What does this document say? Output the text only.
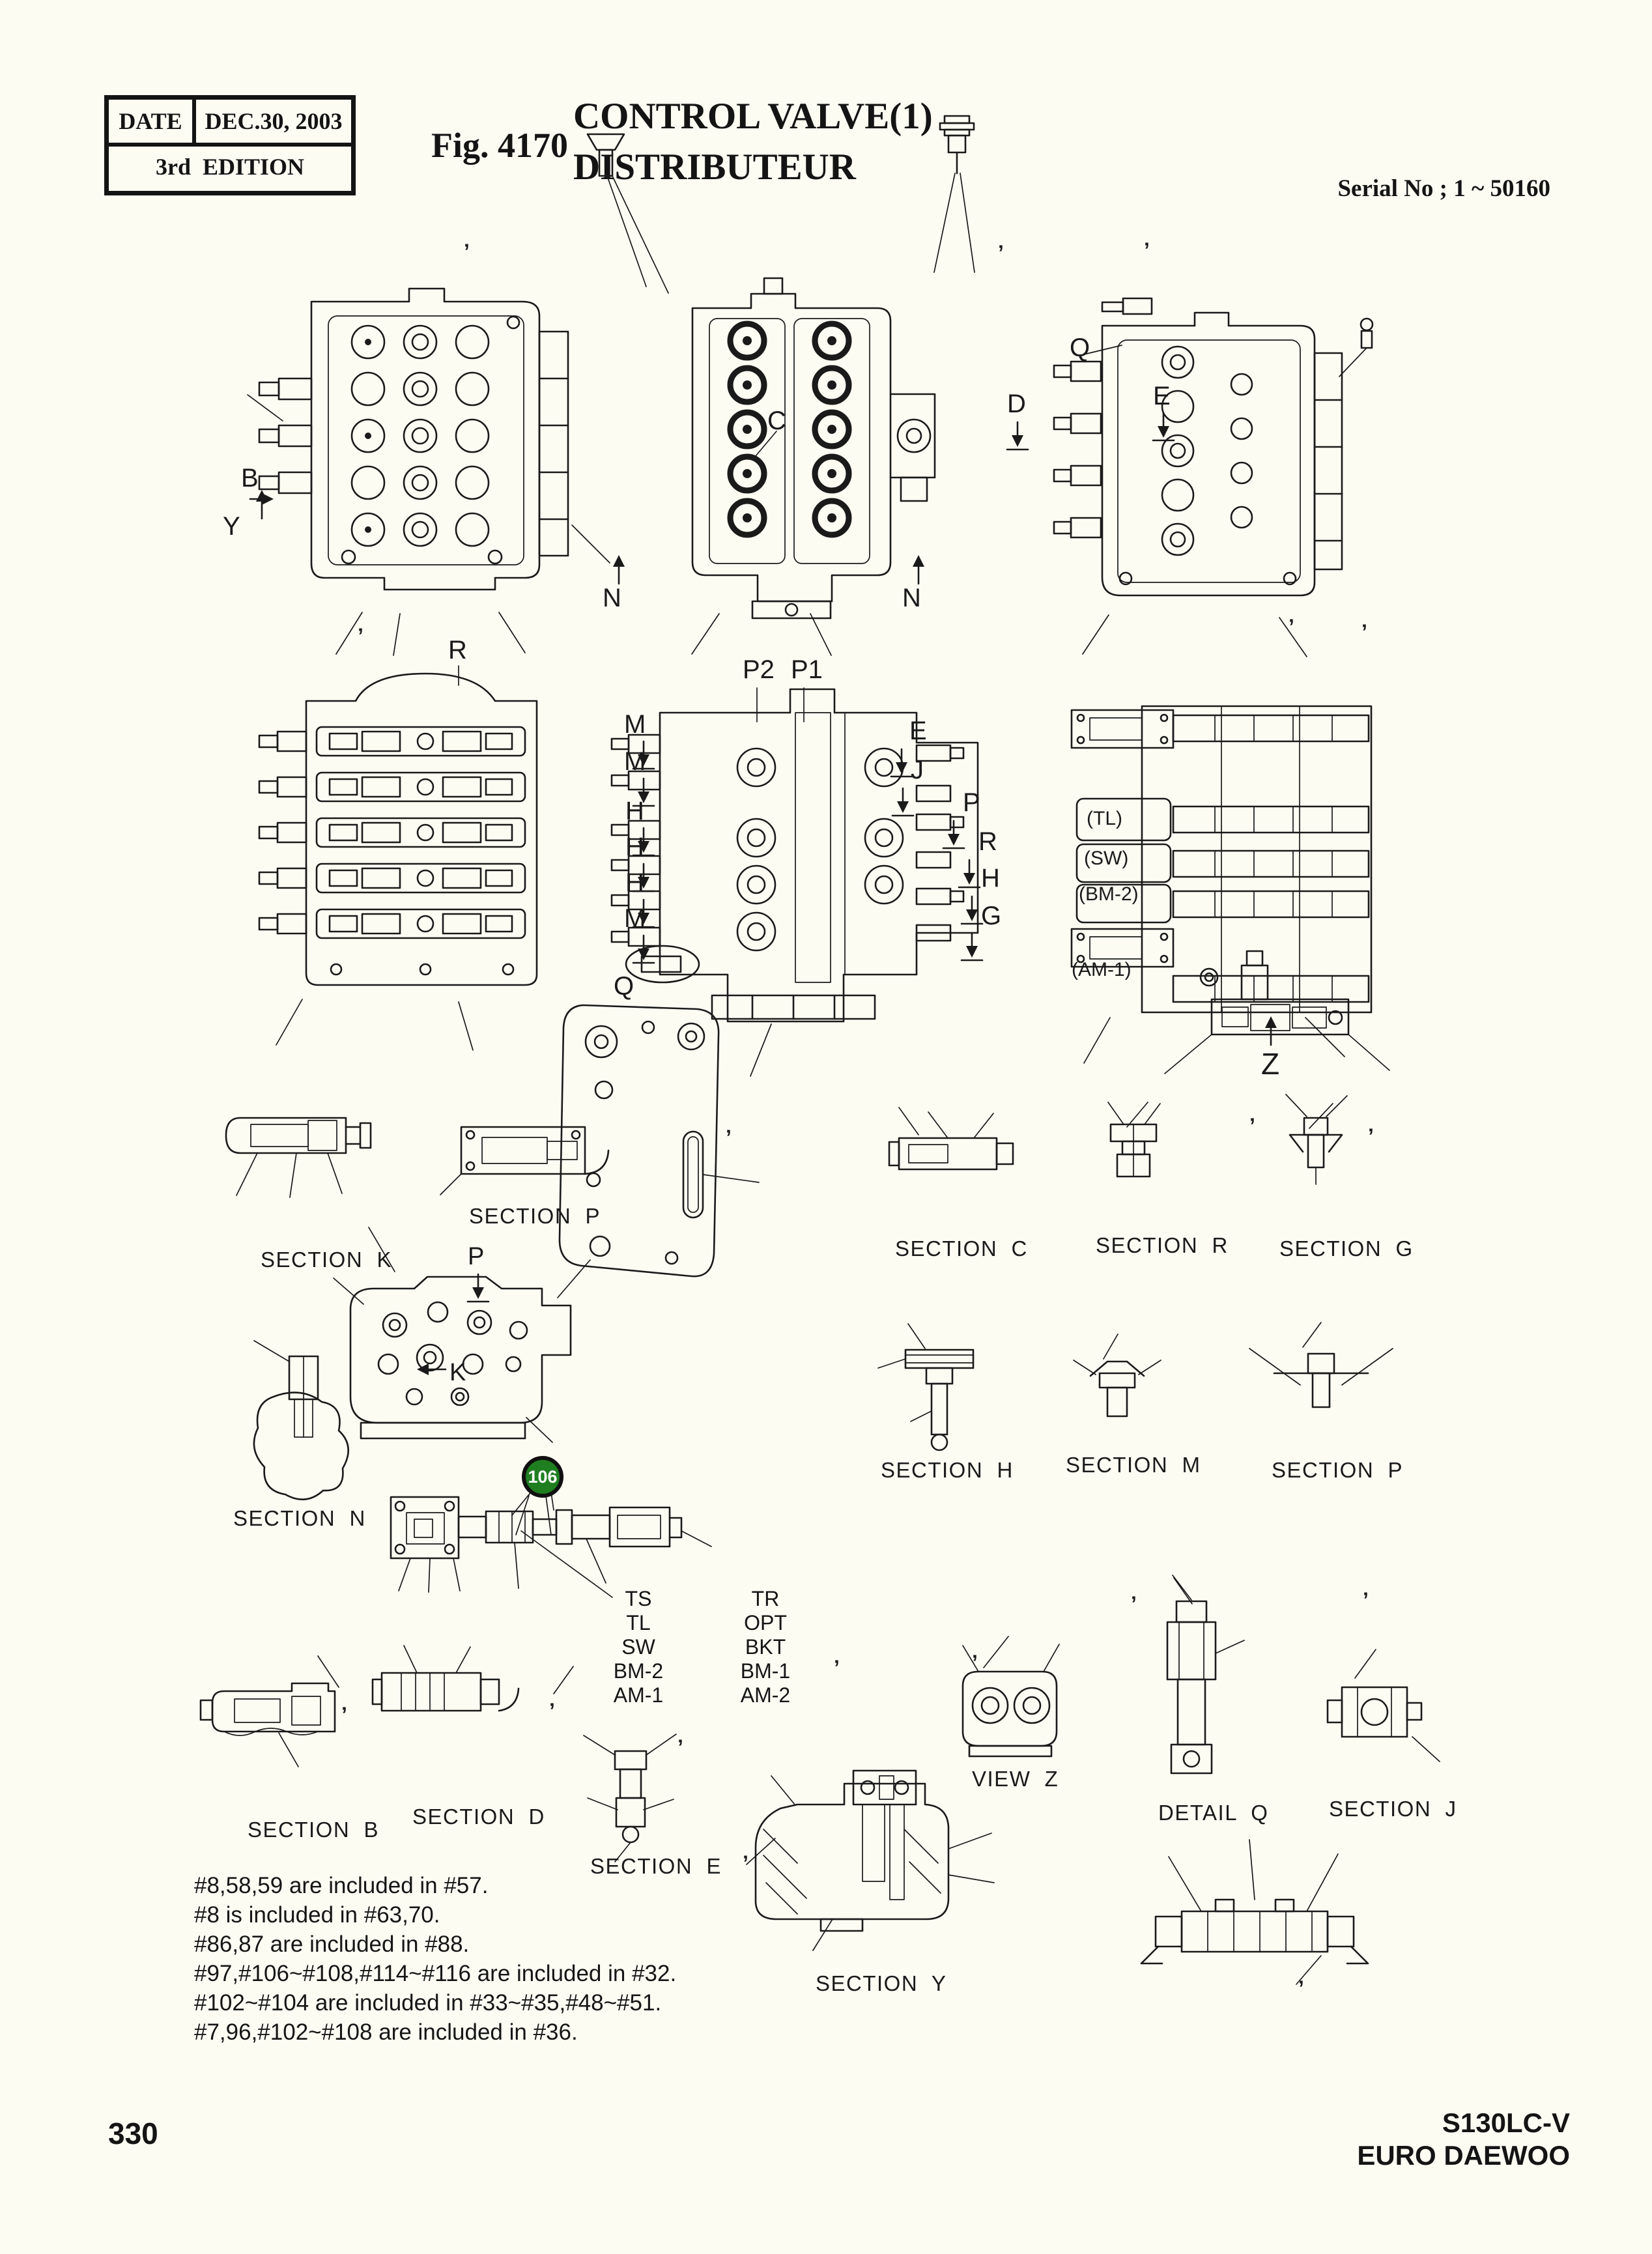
DATE DEC.30, 2003
3rd  EDITION
Fig. 4170
CONTROL VALVE(1)
DISTRIBUTEUR
Serial No ; 1 ~ 50160
B
Y
N
C
N
Q
D	E
R
P2 P1
M
M
H
H
H
M
E
J
P
R
H
G
Q
(TL)
(SW)
(BM-2)
(AM-1)
Z
P
K
SECTION  K
SECTION  P
SECTION  C	SECTION  R SECTION  G
SECTION  N
SECTION  H SECTION  M	SECTION  P
SECTION  B
SECTION  D
SECTION  E
VIEW  Z
DETAIL  Q	SECTION  J
SECTION  Y
106
TS
TL
SW
BM-2
AM-1
TR
OPT
BKT
BM-1
AM-2
#8,58,59 are included in #57.
#8 is included in #63,70.
#86,87 are included in #88.
#97,#106~#108,#114~#116 are included in #32.
#102~#104 are included in #33~#35,#48~#51.
#7,96,#102~#108 are included in #36.
’	’	’
’	’	’
’	’	’
’	’
’	’
’
’	’
’
’
330	S130LC-V
EURO DAEWOO
